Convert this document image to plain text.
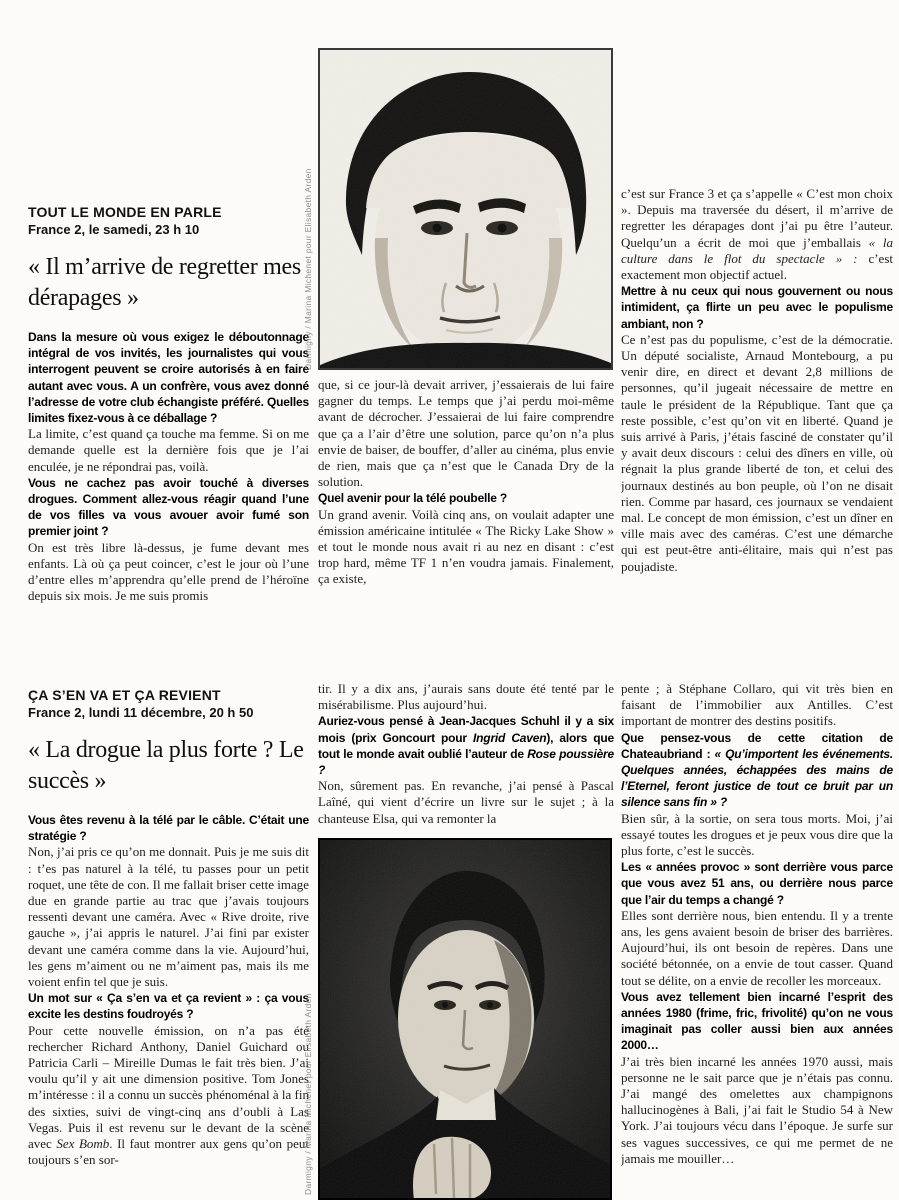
TOUT LE MONDE EN PARLE
France 2, le samedi, 23 h 10
« Il m’arrive de regretter mes dérapages »

Dans la mesure où vous exigez le déboutonnage intégral de vos invités, les journalistes qui vous interrogent peuvent se croire autorisés à en faire autant avec vous. A un confrère, vous avez donné l’adresse de votre club échangiste préféré. Quelles limites fixez-vous à ce déballage ?

La limite, c’est quand ça touche ma femme. Si on me demande quelle est la dernière fois que je l’ai enculée, je ne répondrai pas, voilà.

Vous ne cachez pas avoir touché à diverses drogues. Comment allez-vous réagir quand l’une de vos filles va vous avouer avoir fumé son premier joint ?

On est très libre là-dessus, je fume devant mes enfants. Là où ça peut coincer, c’est le jour où l’une d’entre elles m’apprendra qu’elle prend de l’héroïne depuis six mois. Je me suis promis

Darmigny / Marina Michenet pour Elisabeth Arden

que, si ce jour-là devait arriver, j’essaierais de lui faire gagner du temps. Le temps que j’ai perdu moi-même avant de décrocher. J’essaierai de lui faire comprendre que ça a l’air d’être une solution, parce qu’on n’a plus envie de baiser, de bouffer, d’aller au cinéma, plus envie de rien, mais que ça n’est que le Canada Dry de la solution.

Quel avenir pour la télé poubelle ?

Un grand avenir. Voilà cinq ans, on voulait adapter une émission américaine intitulée « The Ricky Lake Show » et tout le monde nous avait ri au nez en disant : c’est trop hard, même TF 1 n’en voudra jamais. Finalement, ça existe,

c’est sur France 3 et ça s’appelle « C’est mon choix ». Depuis ma traversée du désert, il m’arrive de regretter les dérapages dont j’ai pu être l’auteur. Quelqu’un a écrit de moi que j’emballais « la culture dans le flot du spectacle » : c’est exactement mon objectif actuel.

Mettre à nu ceux qui nous gouvernent ou nous intimident, ça flirte un peu avec le populisme ambiant, non ?

Ce n’est pas du populisme, c’est de la démocratie. Un député socialiste, Arnaud Montebourg, a pu venir dire, en direct et devant 2,8 millions de personnes, qu’il jugeait nécessaire de mettre en taule le président de la République. Tant que ça reste possible, c’est qu’on vit en liberté. Quand je suis arrivé à Paris, j’étais fasciné de constater qu’il y avait deux discours : celui des dîners en ville, où régnait la plus grande liberté de ton, et celui des journaux destinés au bon peuple, où l’on ne disait rien. Comme par hasard, ces journaux se vendaient mal. Le concept de mon émission, c’est un dîner en ville mais avec des caméras. C’est une démarche qui est peut-être anti-élitaire, mais qui n’est pas poujadiste.

ÇA S’EN VA ET ÇA REVIENT
France 2, lundi 11 décembre, 20 h 50
« La drogue la plus forte ? Le succès »

Vous êtes revenu à la télé par le câble. C’était une stratégie ?

Non, j’ai pris ce qu’on me donnait. Puis je me suis dit : t’es pas naturel à la télé, tu passes pour un petit roquet, une tête de con. Il me fallait briser cette image due en grande partie au trac que j’avais toujours ressenti devant une caméra. Avec « Rive droite, rive gauche », j’ai appris le naturel. J’ai fini par exister devant une caméra comme dans la vie. Aujourd’hui, les gens m’aiment ou ne m’aiment pas, mais ils me voient enfin tel que je suis.

Un mot sur « Ça s’en va et ça revient » : ça vous excite les destins foudroyés ?

Pour cette nouvelle émission, on n’a pas été rechercher Richard Anthony, Daniel Guichard ou Patricia Carli – Mireille Dumas le fait très bien. J’ai voulu qu’il y ait une dimension positive. Tom Jones m’intéresse : il a connu un succès phénoménal à la fin des sixties, suivi de vingt-cinq ans d’oubli à Las Vegas. Puis il est revenu sur le devant de la scène avec Sex Bomb. Il faut montrer aux gens qu’on peut toujours s’en sor-

tir. Il y a dix ans, j’aurais sans doute été tenté par le misérabilisme. Plus aujourd’hui.

Auriez-vous pensé à Jean-Jacques Schuhl il y a six mois (prix Goncourt pour Ingrid Caven), alors que tout le monde avait oublié l’auteur de Rose poussière ?

Non, sûrement pas. En revanche, j’ai pensé à Pascal Laîné, qui vient d’écrire un livre sur le sujet ; à la chanteuse Elsa, qui va remonter la

Darmigny / Marina Michenet pour Elisabeth Arden

pente ; à Stéphane Collaro, qui vit très bien en faisant de l’immobilier aux Antilles. C’est important de montrer des destins positifs.

Que pensez-vous de cette citation de Chateaubriand : « Qu’importent les événements. Quelques années, échappées des mains de l’Eternel, feront justice de tout ce bruit par un silence sans fin » ?

Bien sûr, à la sortie, on sera tous morts. Moi, j’ai essayé toutes les drogues et je peux vous dire que la plus forte, c’est le succès.

Les « années provoc » sont derrière vous parce que vous avez 51 ans, ou derrière nous parce que l’air du temps a changé ?

Elles sont derrière nous, bien entendu. Il y a trente ans, les gens avaient besoin de briser des barrières. Aujourd’hui, ils ont besoin de repères. Dans une société bétonnée, on a envie de tout casser. Quand tout se délite, on a envie de recoller les morceaux.

Vous avez tellement bien incarné l’esprit des années 1980 (frime, fric, frivolité) qu’on ne vous imaginait pas coller aussi bien aux années 2000…

J’ai très bien incarné les années 1970 aussi, mais personne ne le sait parce que je n’étais pas connu. J’ai mangé des omelettes aux champignons hallucinogènes à Bali, j’ai fait le Studio 54 à New York. J’ai toujours vécu dans l’époque. Je surfe sur ses vagues successives, ce qui me permet de ne jamais me mouiller…
